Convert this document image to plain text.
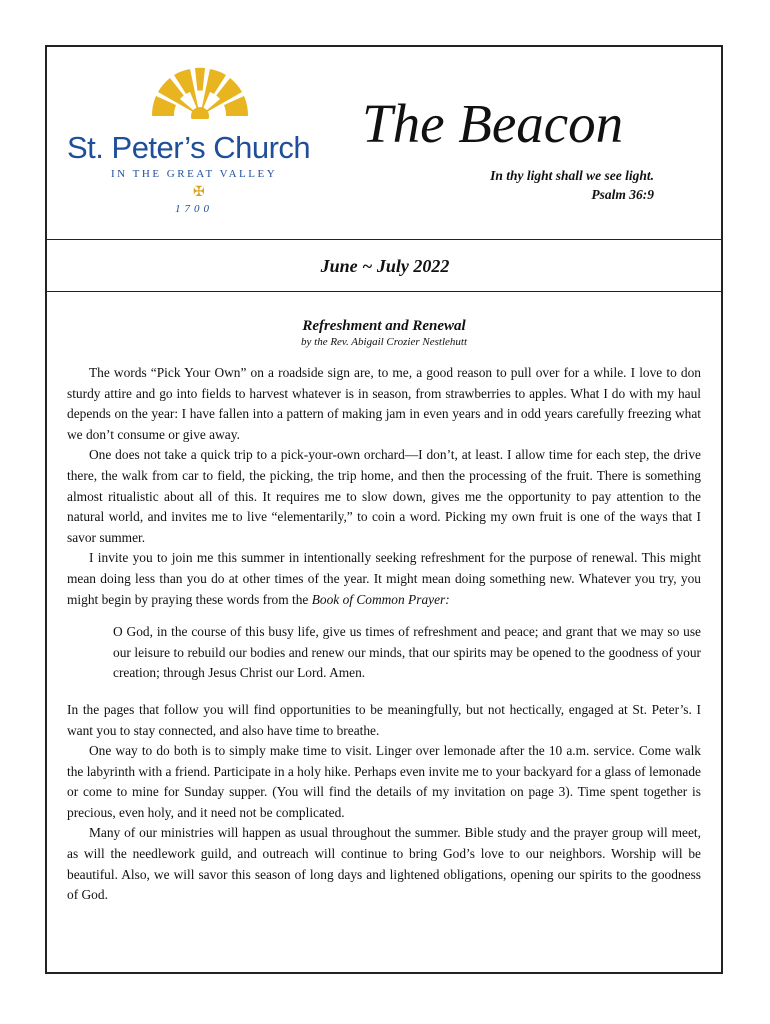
St. Peter’s Church
IN THE GREAT VALLEY
✠
1700
The Beacon
In thy light shall we see light.
Psalm 36:9
June ~ July 2022
Refreshment and Renewal
by the Rev. Abigail Crozier Nestlehutt

The words “Pick Your Own” on a roadside sign are, to me, a good reason to pull over for a while. I love to don sturdy attire and go into fields to harvest whatever is in season, from strawberries to apples. What I do with my haul depends on the year: I have fallen into a pattern of making jam in even years and in odd years carefully freezing what we don’t consume or give away.

One does not take a quick trip to a pick-your-own orchard—I don’t, at least. I allow time for each step, the drive there, the walk from car to field, the picking, the trip home, and then the processing of the fruit. There is something almost ritualistic about all of this. It requires me to slow down, gives me the opportunity to pay attention to the natural world, and invites me to live “elementarily,” to coin a word. Picking my own fruit is one of the ways that I savor summer.

I invite you to join me this summer in intentionally seeking refreshment for the purpose of renewal. This might mean doing less than you do at other times of the year. It might mean doing something new. Whatever you try, you might begin by praying these words from the Book of Common Prayer:

O God, in the course of this busy life, give us times of refreshment and peace; and grant that we may so use our leisure to rebuild our bodies and renew our minds, that our spirits may be opened to the goodness of your creation; through Jesus Christ our Lord. Amen.

In the pages that follow you will find opportunities to be meaningfully, but not hectically, engaged at St. Peter’s. I want you to stay connected, and also have time to breathe.

One way to do both is to simply make time to visit. Linger over lemonade after the 10 a.m. service. Come walk the labyrinth with a friend. Participate in a holy hike. Perhaps even invite me to your backyard for a glass of lemonade or come to mine for Sunday supper. (You will find the details of my invitation on page 3). Time spent together is precious, even holy, and it need not be complicated.

Many of our ministries will happen as usual throughout the summer. Bible study and the prayer group will meet, as will the needlework guild, and outreach will continue to bring God’s love to our neighbors. Worship will be beautiful. Also, we will savor this season of long days and lightened obligations, opening our spirits to the goodness of God.
